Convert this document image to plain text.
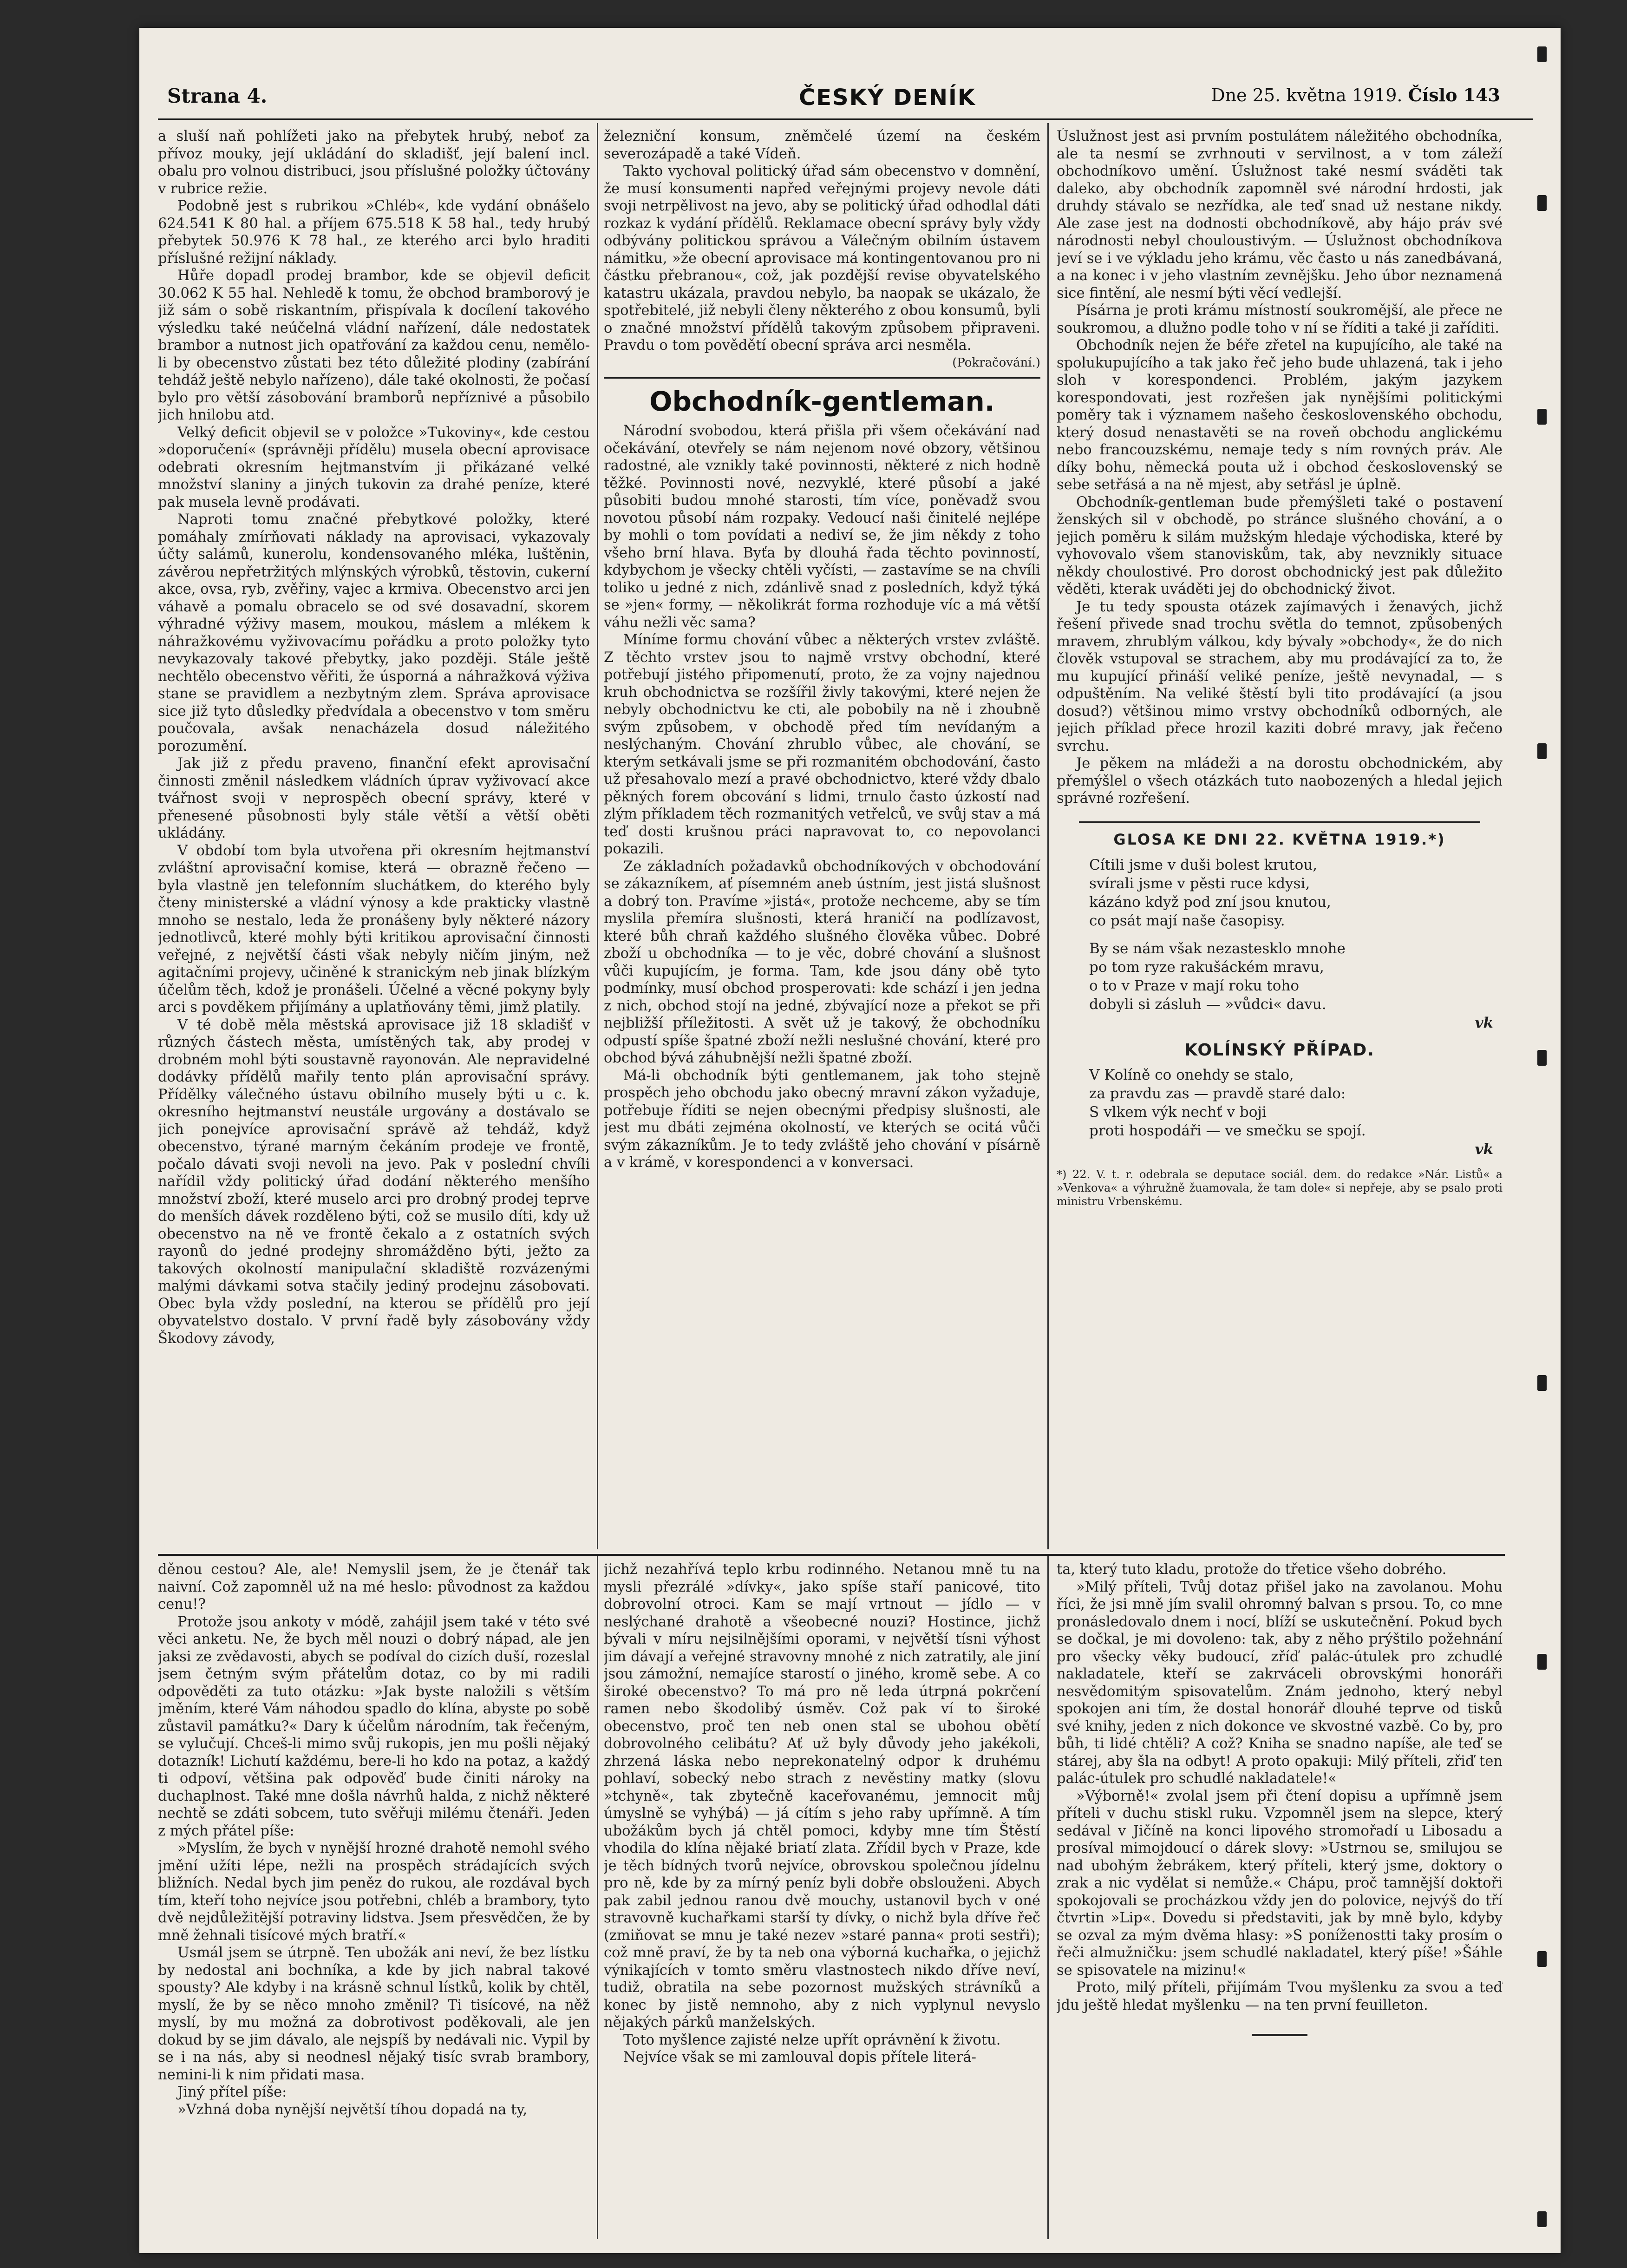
Strana 4.	ČESKÝ DENÍK	Dne 25. května 1919. Číslo 143

a sluší naň pohlížeti jako na přebytek hrubý, neboť za přívoz mouky, její ukládání do skladišť, její balení incl. obalu pro volnou distribuci, jsou příslušné položky účtovány v rubrice režie.

Podobně jest s rubrikou »Chléb«, kde vydání obnášelo 624.541 K 80 hal. a příjem 675.518 K 58 hal., tedy hrubý přebytek 50.976 K 78 hal., ze kterého arci bylo hraditi příslušné režijní náklady.

Hůře dopadl prodej brambor, kde se objevil deficit 30.062 K 55 hal. Nehledě k tomu, že obchod bramborový je již sám o sobě riskantním, přispívala k docílení takového výsledku také neúčelná vládní nařízení, dále nedostatek brambor a nutnost jich opatřování za každou cenu, nemělo-li by obecenstvo zůstati bez této důležité plodiny (zabírání tehdáž ještě nebylo nařízeno), dále také okolnosti, že počasí bylo pro větší zásobování bramborů nepříznivé a působilo jich hnilobu atd.

Velký deficit objevil se v položce »Tukoviny«, kde cestou »doporučení« (správněji přídělu) musela obecní aprovisace odebrati okresním hejtmanstvím ji přikázané velké množství slaniny a jiných tukovin za drahé peníze, které pak musela levně prodávati.

Naproti tomu značné přebytkové položky, které pomáhaly zmírňovati náklady na aprovisaci, vykazovaly účty salámů, kunerolu, kondensovaného mléka, luštěnin, závěrou nepřetržitých mlýnských výrobků, těstovin, cukerní akce, ovsa, ryb, zvěřiny, vajec a krmiva. Obecenstvo arci jen váhavě a pomalu obracelo se od své dosavadní, skorem výhradné výživy masem, moukou, máslem a mlékem k náhražkovému vyživovacímu pořádku a proto položky tyto nevykazovaly takové přebytky, jako později. Stále ještě nechtělo obecenstvo věřiti, že úsporná a náhražková výživa stane se pravidlem a nezbytným zlem. Správa aprovisace sice již tyto důsledky předvídala a obecenstvo v tom směru poučovala, avšak nenacházela dosud náležitého porozumění.

Jak již z předu praveno, finanční efekt aprovisační činnosti změnil následkem vládních úprav vyživovací akce tvářnost svoji v neprospěch obecní správy, které v přenesené působnosti byly stále větší a větší oběti ukládány.

V období tom byla utvořena při okresním hejtmanství zvláštní aprovisační komise, která — obrazně řečeno — byla vlastně jen telefonním sluchátkem, do kterého byly čteny ministerské a vládní výnosy a kde prakticky vlastně mnoho se nestalo, leda že pronášeny byly některé názory jednotlivců, které mohly býti kritikou aprovisační činnosti veřejné, z největší části však nebyly ničím jiným, než agitačními projevy, učiněné k stranickým neb jinak blízkým účelům těch, kdož je pronášeli. Účelné a věcné pokyny byly arci s povděkem přijímány a uplatňovány těmi, jimž platily.

V té době měla městská aprovisace již 18 skladišť v různých částech města, umístěných tak, aby prodej v drobném mohl býti soustavně rayonován. Ale nepravidelné dodávky přídělů mařily tento plán aprovisační správy. Přídělky válečného ústavu obilního musely býti u c. k. okresního hejtmanství neustále urgovány a dostávalo se jich ponejvíce aprovisační správě až tehdáž, když obecenstvo, týrané marným čekáním prodeje ve frontě, počalo dávati svoji nevoli na jevo. Pak v poslední chvíli nařídil vždy politický úřad dodání některého menšího množství zboží, které muselo arci pro drobný prodej teprve do menších dávek rozděleno býti, což se musilo díti, kdy už obecenstvo na ně ve frontě čekalo a z ostatních svých rayonů do jedné prodejny shromážděno býti, ježto za takových okolností manipulační skladiště rozvázenými malými dávkami sotva stačily jediný prodejnu zásobovati. Obec byla vždy poslední, na kterou se přídělů pro její obyvatelstvo dostalo. V první řadě byly zásobovány vždy Škodovy závody,

železniční konsum, zněmčelé území na českém severozápadě a také Vídeň.

Takto vychoval politický úřad sám obecenstvo v domnění, že musí konsumenti napřed veřejnými projevy nevole dáti svoji netrpělivost na jevo, aby se politický úřad odhodlal dáti rozkaz k vydání přídělů. Reklamace obecní správy byly vždy odbývány politickou správou a Válečným obilním ústavem námitku, »že obecní aprovisace má kontingentovanou pro ni částku přebranou«, což, jak pozdější revise obyvatelského katastru ukázala, pravdou nebylo, ba naopak se ukázalo, že spotřebitelé, již nebyli členy některého z obou konsumů, byli o značné množství přídělů takovým způsobem připraveni. Pravdu o tom povědětí obecní správa arci nesměla.

(Pokračování.)
Obchodník-gentleman.

Národní svobodou, která přišla při všem očekávání nad očekávání, otevřely se nám nejenom nové obzory, většinou radostné, ale vznikly také povinnosti, některé z nich hodně těžké. Povinnosti nové, nezvyklé, které působí a jaké působiti budou mnohé starosti, tím více, poněvadž svou novotou působí nám rozpaky. Vedoucí naši činitelé nejlépe by mohli o tom povídati a nediví se, že jim někdy z toho všeho brní hlava. Byťa by dlouhá řada těchto povinností, kdybychom je všecky chtěli vyčísti, — zastavíme se na chvíli toliko u jedné z nich, zdánlivě snad z posledních, když týká se »jen« formy, — několikrát forma rozhoduje víc a má větší váhu nežli věc sama?

Míníme formu chování vůbec a některých vrstev zvláště. Z těchto vrstev jsou to najmě vrstvy obchodní, které potřebují jistého připomenutí, proto, že za vojny najednou kruh obchodnictva se rozšířil živly takovými, které nejen že nebyly obchodnictvu ke cti, ale pobobily na ně i zhoubně svým způsobem, v obchodě před tím nevídaným a neslýchaným. Chování zhrublo vůbec, ale chování, se kterým setkávali jsme se při rozmanitém obchodování, často už přesahovalo mezí a pravé obchodnictvo, které vždy dbalo pěkných forem obcování s lidmi, trnulo často úzkostí nad zlým příkladem těch rozmanitých vetřelců, ve svůj stav a má teď dosti krušnou práci napravovat to, co nepovolanci pokazili.

Ze základních požadavků obchodníkových v obchodování se zákazníkem, ať písemném aneb ústním, jest jistá slušnost a dobrý ton. Pravíme »jistá«, protože nechceme, aby se tím myslila přemíra slušnosti, která hraničí na podlízavost, které bůh chraň každého slušného člověka vůbec. Dobré zboží u obchodníka — to je věc, dobré chování a slušnost vůči kupujícím, je forma. Tam, kde jsou dány obě tyto podmínky, musí obchod prosperovati: kde schází i jen jedna z nich, obchod stojí na jedné, zbývající noze a překot se při nejbližší příležitosti. A svět už je takový, že obchodníku odpustí spíše špatné zboží nežli neslušné chování, které pro obchod bývá záhubnější nežli špatné zboží.

Má-li obchodník býti gentlemanem, jak toho stejně prospěch jeho obchodu jako obecný mravní zákon vyžaduje, potřebuje říditi se nejen obecnými předpisy slušnosti, ale jest mu dbáti zejména okolností, ve kterých se ocitá vůči svým zákazníkům. Je to tedy zvláště jeho chování v písárně a v krámě, v korespondenci a v konversaci.

Úslužnost jest asi prvním postulátem náležitého obchodníka, ale ta nesmí se zvrhnouti v servilnost, a v tom záleží obchodníkovo umění. Úslužnost také nesmí sváděti tak daleko, aby obchodník zapomněl své národní hrdosti, jak druhdy stávalo se nezřídka, ale teď snad už nestane nikdy. Ale zase jest na dodnosti obchodníkově, aby hájo práv své národnosti nebyl chouloustivým. — Úslužnost obchodníkova jeví se i ve výkladu jeho krámu, věc často u nás zanedbávaná, a na konec i v jeho vlastním zevnějšku. Jeho úbor neznamená sice fintění, ale nesmí býti věcí vedlejší.

Písárna je proti krámu místností soukromější, ale přece ne soukromou, a dlužno podle toho v ní se říditi a také ji zaříditi.

Obchodník nejen že béře zřetel na kupujícího, ale také na spolukupujícího a tak jako řeč jeho bude uhlazená, tak i jeho sloh v korespondenci. Problém, jakým jazykem korespondovati, jest rozřešen jak nynějšími politickými poměry tak i významem našeho československého obchodu, který dosud nenastavěti se na roveň obchodu anglickému nebo francouzskému, nemaje tedy s ním rovných práv. Ale díky bohu, německá pouta už i obchod československý se sebe setřásá a na ně mjest, aby setřásl je úplně.

Obchodník-gentleman bude přemýšleti také o postavení ženských sil v obchodě, po stránce slušného chování, a o jejich poměru k silám mužským hledaje východiska, které by vyhovovalo všem stanoviskům, tak, aby nevznikly situace někdy choulostivé. Pro dorost obchodnický jest pak důležito věděti, kterak uváděti jej do obchodnický život.

Je tu tedy spousta otázek zajímavých i ženavých, jichž řešení přivede snad trochu světla do temnot, způsobených mravem, zhrublým válkou, kdy bývaly »obchody«, že do nich člověk vstupoval se strachem, aby mu prodávající za to, že mu kupující přináší veliké peníze, ještě nevynadal, — s odpuštěním. Na veliké štěstí byli tito prodávající (a jsou dosud?) většinou mimo vrstvy obchodníků odborných, ale jejich příklad přece hrozil kaziti dobré mravy, jak řečeno svrchu.

Je pěkem na mládeži a na dorostu obchodnickém, aby přemýšlel o všech otázkách tuto naobozených a hledal jejich správné rozřešení.

GLOSA KE DNI 22. KVĚTNA 1919.*)
Cítili jsme v duši bolest krutou,
svírali jsme v pěsti ruce kdysi,
kázáno když pod zní jsou knutou,
co psát mají naše časopisy.
By se nám však nezastesklo mnohe
po tom ryze rakušáckém mravu,
o to v Praze v mají roku toho
dobyli si zásluh — »vůdci« davu.
vk
KOLÍNSKÝ PŘÍPAD.
V Kolíně co onehdy se stalo,
za pravdu zas — pravdě staré dalo:
S vlkem výk nechť v boji
proti hospodáři — ve smečku se spojí.
vk
*) 22. V. t. r. odebrala se deputace sociál. dem. do redakce »Nár. Listů« a »Venkova« a výhružně žuamovala, že tam dole« si nepřeje, aby se psalo proti ministru Vrbenskému.

děnou cestou? Ale, ale! Nemyslil jsem, že je čtenář tak naivní. Což zapomněl už na mé heslo: původnost za každou cenu!?

Protože jsou ankoty v módě, zahájil jsem také v této své věci anketu. Ne, že bych měl nouzi o dobrý nápad, ale jen jaksi ze zvědavosti, abych se podíval do cizích duší, rozeslal jsem četným svým přátelům dotaz, co by mi radili odpověděti za tuto otázku: »Jak byste naložili s větším jměním, které Vám náhodou spadlo do klína, abyste po sobě zůstavil památku?« Dary k účelům národním, tak řečeným, se vylučují. Chceš-li mimo svůj rukopis, jen mu pošli nějaký dotazník! Lichutí každému, bere-li ho kdo na potaz, a každý ti odpoví, většina pak odpověď bude činiti nároky na duchaplnost. Také mne došla návrhů halda, z nichž některé nechtě se zdáti sobcem, tuto svěřuji milému čtenáři. Jeden z mých přátel píše:

»Myslím, že bych v nynější hrozné drahotě nemohl svého jmění užíti lépe, nežli na prospěch strádajících svých bližních. Nedal bych jim peněz do rukou, ale rozdával bych tím, kteří toho nejvíce jsou potřebni, chléb a brambory, tyto dvě nejdůležitější potraviny lidstva. Jsem přesvědčen, že by mně žehnali tisícové mých bratří.«

Usmál jsem se útrpně. Ten ubožák ani neví, že bez lístku by nedostal ani bochníka, a kde by jich nabral takové spousty? Ale kdyby i na krásně schnul lístků, kolik by chtěl, myslí, že by se něco mnoho změnil? Ti tisícové, na něž myslí, by mu možná za dobrotivost poděkovali, ale jen dokud by se jim dávalo, ale nejspíš by nedávali nic. Vypil by se i na nás, aby si neodnesl nějaký tisíc svrab brambory, nemini-li k nim přidati masa.

Jiný přítel píše:

»Vzhná doba nynější největší tíhou dopadá na ty,

jichž nezahřívá teplo krbu rodinného. Netanou mně tu na mysli přezrálé »dívky«, jako spíše staří panicové, tito dobrovolní otroci. Kam se mají vrtnout — jídlo — v neslýchané drahotě a všeobecné nouzi? Hostince, jichž bývali v míru nejsilnějšími oporami, v největší tísni výhost jim dávají a veřejné stravovny mnohé z nich zatratily, ale jiní jsou zámožní, nemajíce starostí o jiného, kromě sebe. A co široké obecenstvo? To má pro ně leda útrpná pokrčení ramen nebo škodolibý úsměv. Což pak ví to široké obecenstvo, proč ten neb onen stal se ubohou obětí dobrovolného celibátu? Ať už byly důvody jeho jakékoli, zhrzená láska nebo neprekonatelný odpor k druhému pohlaví, sobecký nebo strach z nevěstiny matky (slovu »tchyně«, tak zbytečně kaceřovanému, jemnocit můj úmyslně se vyhýbá) — já cítím s jeho raby upřímně. A tím ubožákům bych já chtěl pomoci, kdyby mne tím Štěstí vhodila do klína nějaké briatí zlata. Zřídil bych v Praze, kde je těch bídných tvorů nejvíce, obrovskou společnou jídelnu pro ně, kde by za mírný peníz byli dobře obslouženi. Abych pak zabil jednou ranou dvě mouchy, ustanovil bych v oné stravovně kuchařkami starší ty dívky, o nichž byla dříve řeč (zmiňovat se mnu je také nezev »staré panna« proti sestři); což mně praví, že by ta neb ona výborná kuchařka, o jejichž výnikajících v tomto směru vlastnostech nikdo dříve neví, tudiž, obratila na sebe pozornost mužských strávníků a konec by jistě nemnoho, aby z nich vyplynul nevyslo nějakých párků manželských.

Toto myšlence zajisté nelze upřít oprávnění k životu.

Nejvíce však se mi zamlouval dopis přítele literá-

ta, který tuto kladu, protože do třetice všeho dobrého.

»Milý příteli, Tvůj dotaz přišel jako na zavolanou. Mohu říci, že jsi mně jím svalil ohromný balvan s prsou. To, co mne pronásledovalo dnem i nocí, blíží se uskutečnění. Pokud bych se dočkal, je mi dovoleno: tak, aby z něho prýštilo požehnání pro všecky věky budoucí, zříď palác-útulek pro zchudlé nakladatele, kteří se zakrváceli obrovskými honoráři nesvědomitým spisovatelům. Znám jednoho, který nebyl spokojen ani tím, že dostal honorář dlouhé teprve od tisků své knihy, jeden z nich dokonce ve skvostné vazbě. Co by, pro bůh, ti lidé chtěli? A což? Kniha se snadno napíše, ale teď se stárej, aby šla na odbyt! A proto opakuji: Milý příteli, zřiď ten palác-útulek pro schudlé nakladatele!«

»Výborně!« zvolal jsem při čtení dopisu a upřímně jsem příteli v duchu stiskl ruku. Vzpomněl jsem na slepce, který sedával v Jičíně na konci lipového stromořadí u Libosadu a prosíval mimojdoucí o dárek slovy: »Ustrnou se, smilujou se nad ubohým žebrákem, který příteli, který jsme, doktory o zrak a nic vydělat si nemůže.« Chápu, proč tamnější doktoři spokojovali se procházkou vždy jen do polovice, nejvýš do tří čtvrtin »Lip«. Dovedu si představiti, jak by mně bylo, kdyby se ozval za mým dvěma hlasy: »S poníženostti taky prosím o řeči almužničku: jsem schudlé nakladatel, který píše! »Šáhle se spisovatele na mizinu!«

Proto, milý příteli, přijímám Tvou myšlenku za svou a teď jdu ještě hledat myšlenku — na ten první feuilleton.
